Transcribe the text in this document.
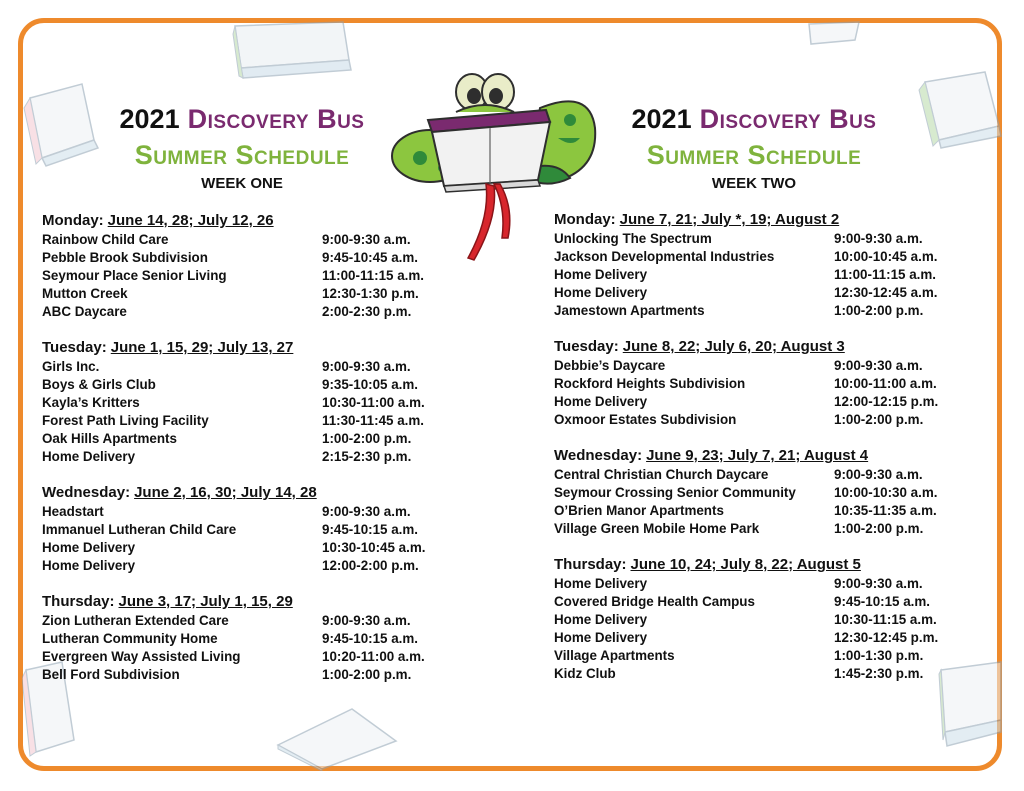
2021 Discovery Bus
Summer Schedule
WEEK ONE
Monday: June 14, 28; July 12, 26
Rainbow Child Care	9:00-9:30 a.m.
Pebble Brook Subdivision	9:45-10:45 a.m.
Seymour Place Senior Living	11:00-11:15 a.m.
Mutton Creek	12:30-1:30 p.m.
ABC Daycare	2:00-2:30 p.m.
Tuesday: June 1, 15, 29; July 13, 27
Girls Inc.	9:00-9:30 a.m.
Boys & Girls Club	9:35-10:05 a.m.
Kayla’s Kritters	10:30-11:00 a.m.
Forest Path Living Facility	11:30-11:45 a.m.
Oak Hills Apartments	1:00-2:00 p.m.
Home Delivery	2:15-2:30 p.m.
Wednesday: June 2, 16, 30; July 14, 28
Headstart	9:00-9:30 a.m.
Immanuel Lutheran Child Care	9:45-10:15 a.m.
Home Delivery	10:30-10:45 a.m.
Home Delivery	12:00-2:00 p.m.
Thursday: June 3, 17; July 1, 15, 29
Zion Lutheran Extended Care	9:00-9:30 a.m.
Lutheran Community Home	9:45-10:15 a.m.
Evergreen Way Assisted Living	10:20-11:00 a.m.
Bell Ford Subdivision	1:00-2:00 p.m.
2021 Discovery Bus
Summer Schedule
WEEK TWO
Monday: June 7, 21; July *, 19; August 2
Unlocking The Spectrum	9:00-9:30 a.m.
Jackson Developmental Industries	10:00-10:45 a.m.
Home Delivery	11:00-11:15 a.m.
Home Delivery	12:30-12:45 a.m.
Jamestown Apartments	1:00-2:00 p.m.
Tuesday: June 8, 22; July 6, 20; August 3
Debbie’s Daycare	9:00-9:30 a.m.
Rockford Heights Subdivision	10:00-11:00 a.m.
Home Delivery	12:00-12:15 p.m.
Oxmoor Estates Subdivision	1:00-2:00 p.m.
Wednesday: June 9, 23; July 7, 21; August 4
Central Christian Church Daycare	9:00-9:30 a.m.
Seymour Crossing Senior Community	10:00-10:30 a.m.
O’Brien Manor Apartments	10:35-11:35 a.m.
Village Green Mobile Home Park	1:00-2:00 p.m.
Thursday: June 10, 24; July 8, 22; August 5
Home Delivery	9:00-9:30 a.m.
Covered Bridge Health Campus	9:45-10:15 a.m.
Home Delivery	10:30-11:15 a.m.
Home Delivery	12:30-12:45 p.m.
Village Apartments	1:00-1:30 p.m.
Kidz Club	1:45-2:30 p.m.
